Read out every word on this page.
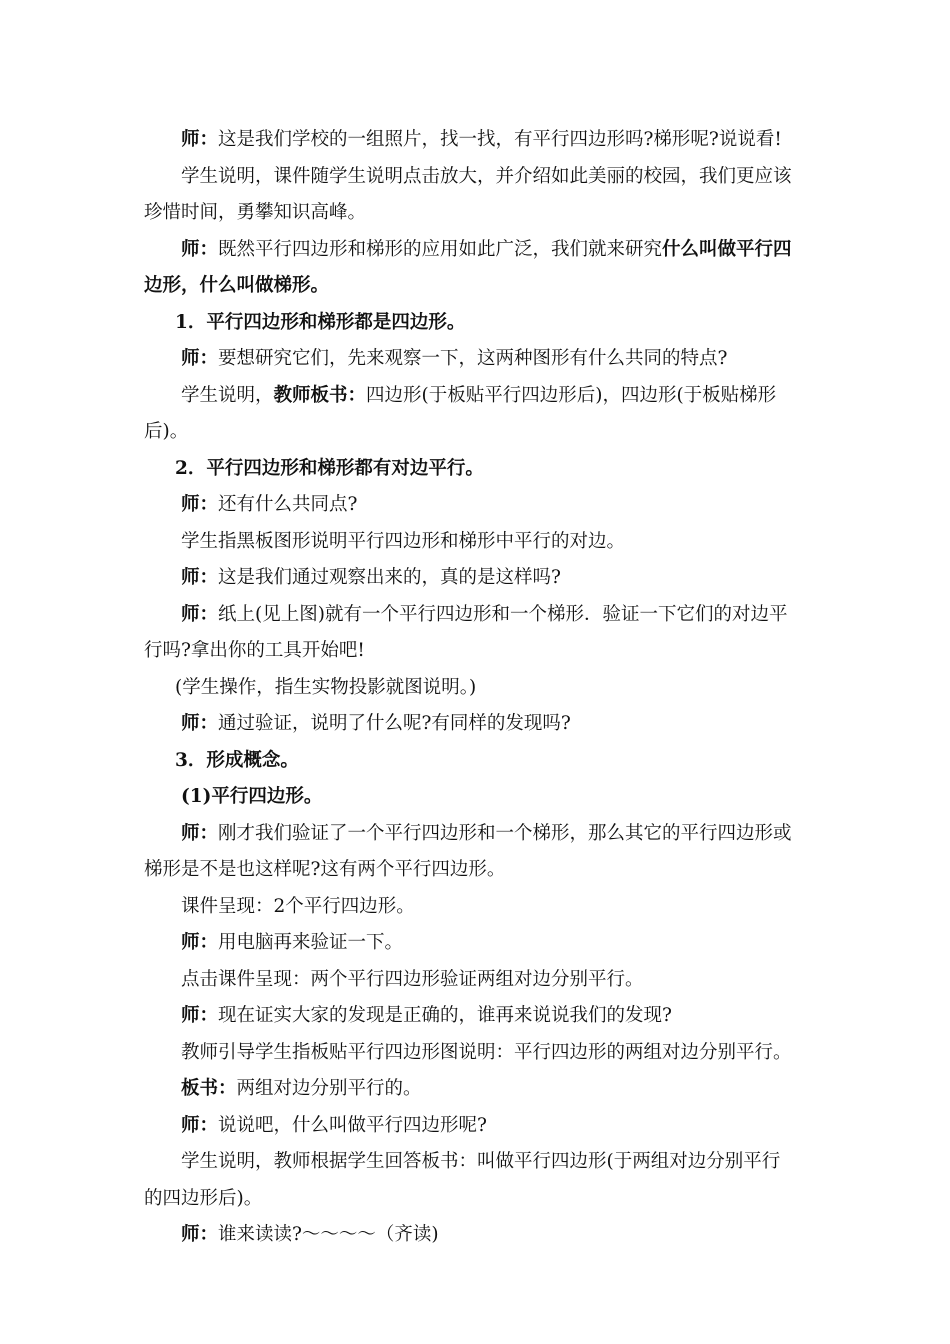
师：这是我们学校的一组照片，找一找，有平行四边形吗?梯形呢?说说看!
学生说明，课件随学生说明点击放大，并介绍如此美丽的校园，我们更应该
珍惜时间，勇攀知识高峰。
师：既然平行四边形和梯形的应用如此广泛，我们就来研究什么叫做平行四
边形，什么叫做梯形。
1．平行四边形和梯形都是四边形。
师：要想研究它们，先来观察一下，这两种图形有什么共同的特点?
学生说明，教师板书：四边形(于板贴平行四边形后)，四边形(于板贴梯形
后)。
2．平行四边形和梯形都有对边平行。
师：还有什么共同点?
学生指黑板图形说明平行四边形和梯形中平行的对边。
师：这是我们通过观察出来的，真的是这样吗?
师：纸上(见上图)就有一个平行四边形和一个梯形．验证一下它们的对边平
行吗?拿出你的工具开始吧!
(学生操作，指生实物投影就图说明。)
师：通过验证，说明了什么呢?有同样的发现吗?
3．形成概念。
(1)平行四边形。
师：刚才我们验证了一个平行四边形和一个梯形，那么其它的平行四边形或
梯形是不是也这样呢?这有两个平行四边形。
课件呈现：2个平行四边形。
师：用电脑再来验证一下。
点击课件呈现：两个平行四边形验证两组对边分别平行。
师：现在证实大家的发现是正确的，谁再来说说我们的发现?
教师引导学生指板贴平行四边形图说明：平行四边形的两组对边分别平行。
板书：两组对边分别平行的。
师：说说吧，什么叫做平行四边形呢?
学生说明，教师根据学生回答板书：叫做平行四边形(于两组对边分别平行
的四边形后)。
师：谁来读读?～～～～（齐读)
